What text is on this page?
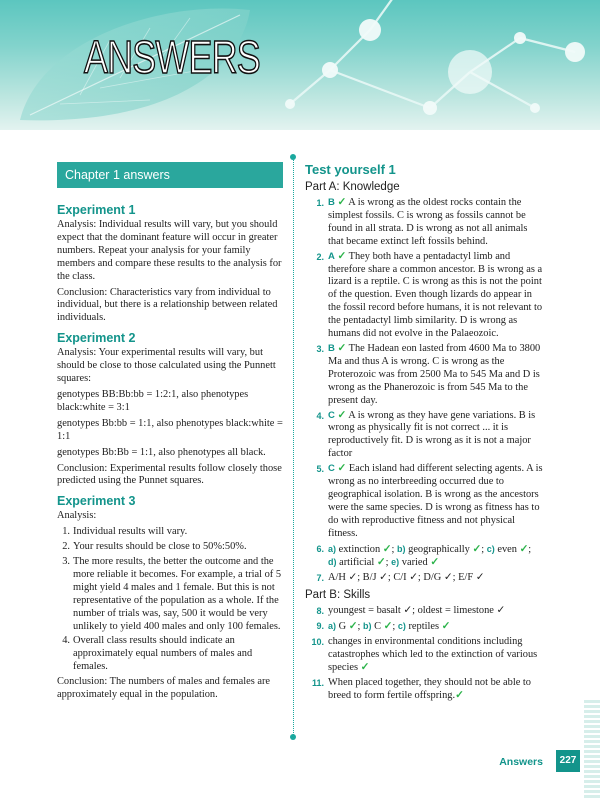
ANSWERS
Chapter 1 answers
Experiment 1

Analysis: Individual results will vary, but you should expect that the dominant feature will occur in greater numbers. Repeat your analysis for your family members and compare these results to the analysis for the class.

Conclusion: Characteristics vary from individual to individual, but there is a relationship between related individuals.

Experiment 2

Analysis: Your experimental results will vary, but should be close to those calculated using the Punnett squares:

genotypes BB:Bb:bb = 1:2:1, also phenotypes black:white = 3:1

genotypes Bb:bb = 1:1, also phenotypes black:white = 1:1

genotypes Bb:Bb = 1:1, also phenotypes all black.

Conclusion: Experimental results follow closely those predicted using the Punnet squares.

Experiment 3

Analysis:

1. Individual results will vary.
2. Your results should be close to 50%:50%.
3. The more results, the better the outcome and the more reliable it becomes. For example, a trial of 5 might yield 4 males and 1 female. But this is not representative of the population as a whole. If the number of trials was, say, 500 it would be very unlikely to yield 400 males and only 100 females.
4. Overall class results should indicate an approximately equal numbers of males and females.

Conclusion: The numbers of males and females are approximately equal in the population.

Test yourself 1
Part A: Knowledge
1. B ✓ A is wrong as the oldest rocks contain the simplest fossils. C is wrong as fossils cannot be found in all strata. D is wrong as not all animals that became extinct left fossils behind.
2. A ✓ They both have a pentadactyl limb and therefore share a common ancestor. B is wrong as a lizard is a reptile. C is wrong as this is not the point of the question. Even though lizards do appear in the fossil record before humans, it is not relevant to the pentadactyl limb similarity. D is wrong as humans did not evolve in the Palaeozoic.
3. B ✓ The Hadean eon lasted from 4600 Ma to 3800 Ma and thus A is wrong. C is wrong as the Proterozoic was from 2500 Ma to 545 Ma and D is wrong as the Phanerozoic is from 545 Ma to the present day.
4. C ✓ A is wrong as they have gene variations. B is wrong as physically fit is not correct ... it is reproductively fit. D is wrong as it is not a major factor
5. C ✓ Each island had different selecting agents. A is wrong as no interbreeding occurred due to geographical isolation. B is wrong as the ancestors were the same species. D is wrong as fitness has to do with reproductive fitness and not physical fitness.
6. a) extinction ✓; b) geographically ✓; c) even ✓;
d) artificial ✓; e) varied ✓
7. A/H ✓; B/J ✓; C/I ✓; D/G ✓; E/F ✓
Part B: Skills
8. youngest = basalt ✓; oldest = limestone ✓
9. a) G ✓; b) C ✓; c) reptiles ✓
10. changes in environmental conditions including catastrophes which led to the extinction of various species ✓
11. When placed together, they should not be able to breed to form fertile offspring.✓
Answers	227
